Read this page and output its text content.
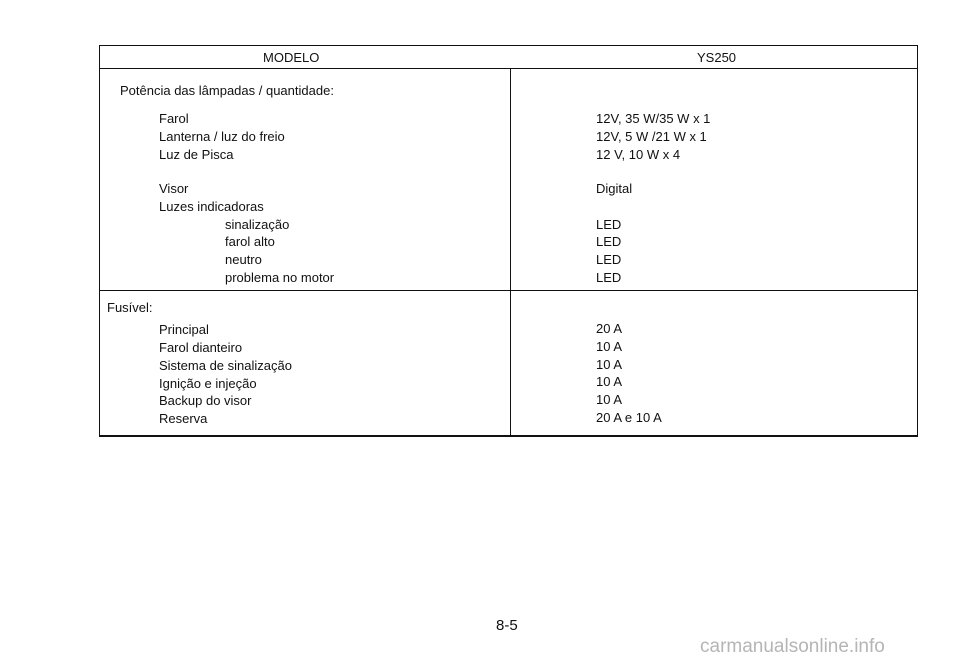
MODELO	YS250
Potência das lâmpadas / quantidade:
Farol	12V, 35 W/35 W x 1
Lanterna / luz do freio	12V, 5 W /21 W x 1
Luz de Pisca	12 V, 10 W x 4
Visor	Digital
Luzes indicadoras
sinalização	LED
farol alto	LED
neutro	LED
problema no motor	LED
Fusível:
Principal	20 A
Farol dianteiro	10 A
Sistema de sinalização	10 A
Ignição e injeção	10 A
Backup do visor	10 A
Reserva	20 A e 10 A
8-5
carmanualsonline.info
